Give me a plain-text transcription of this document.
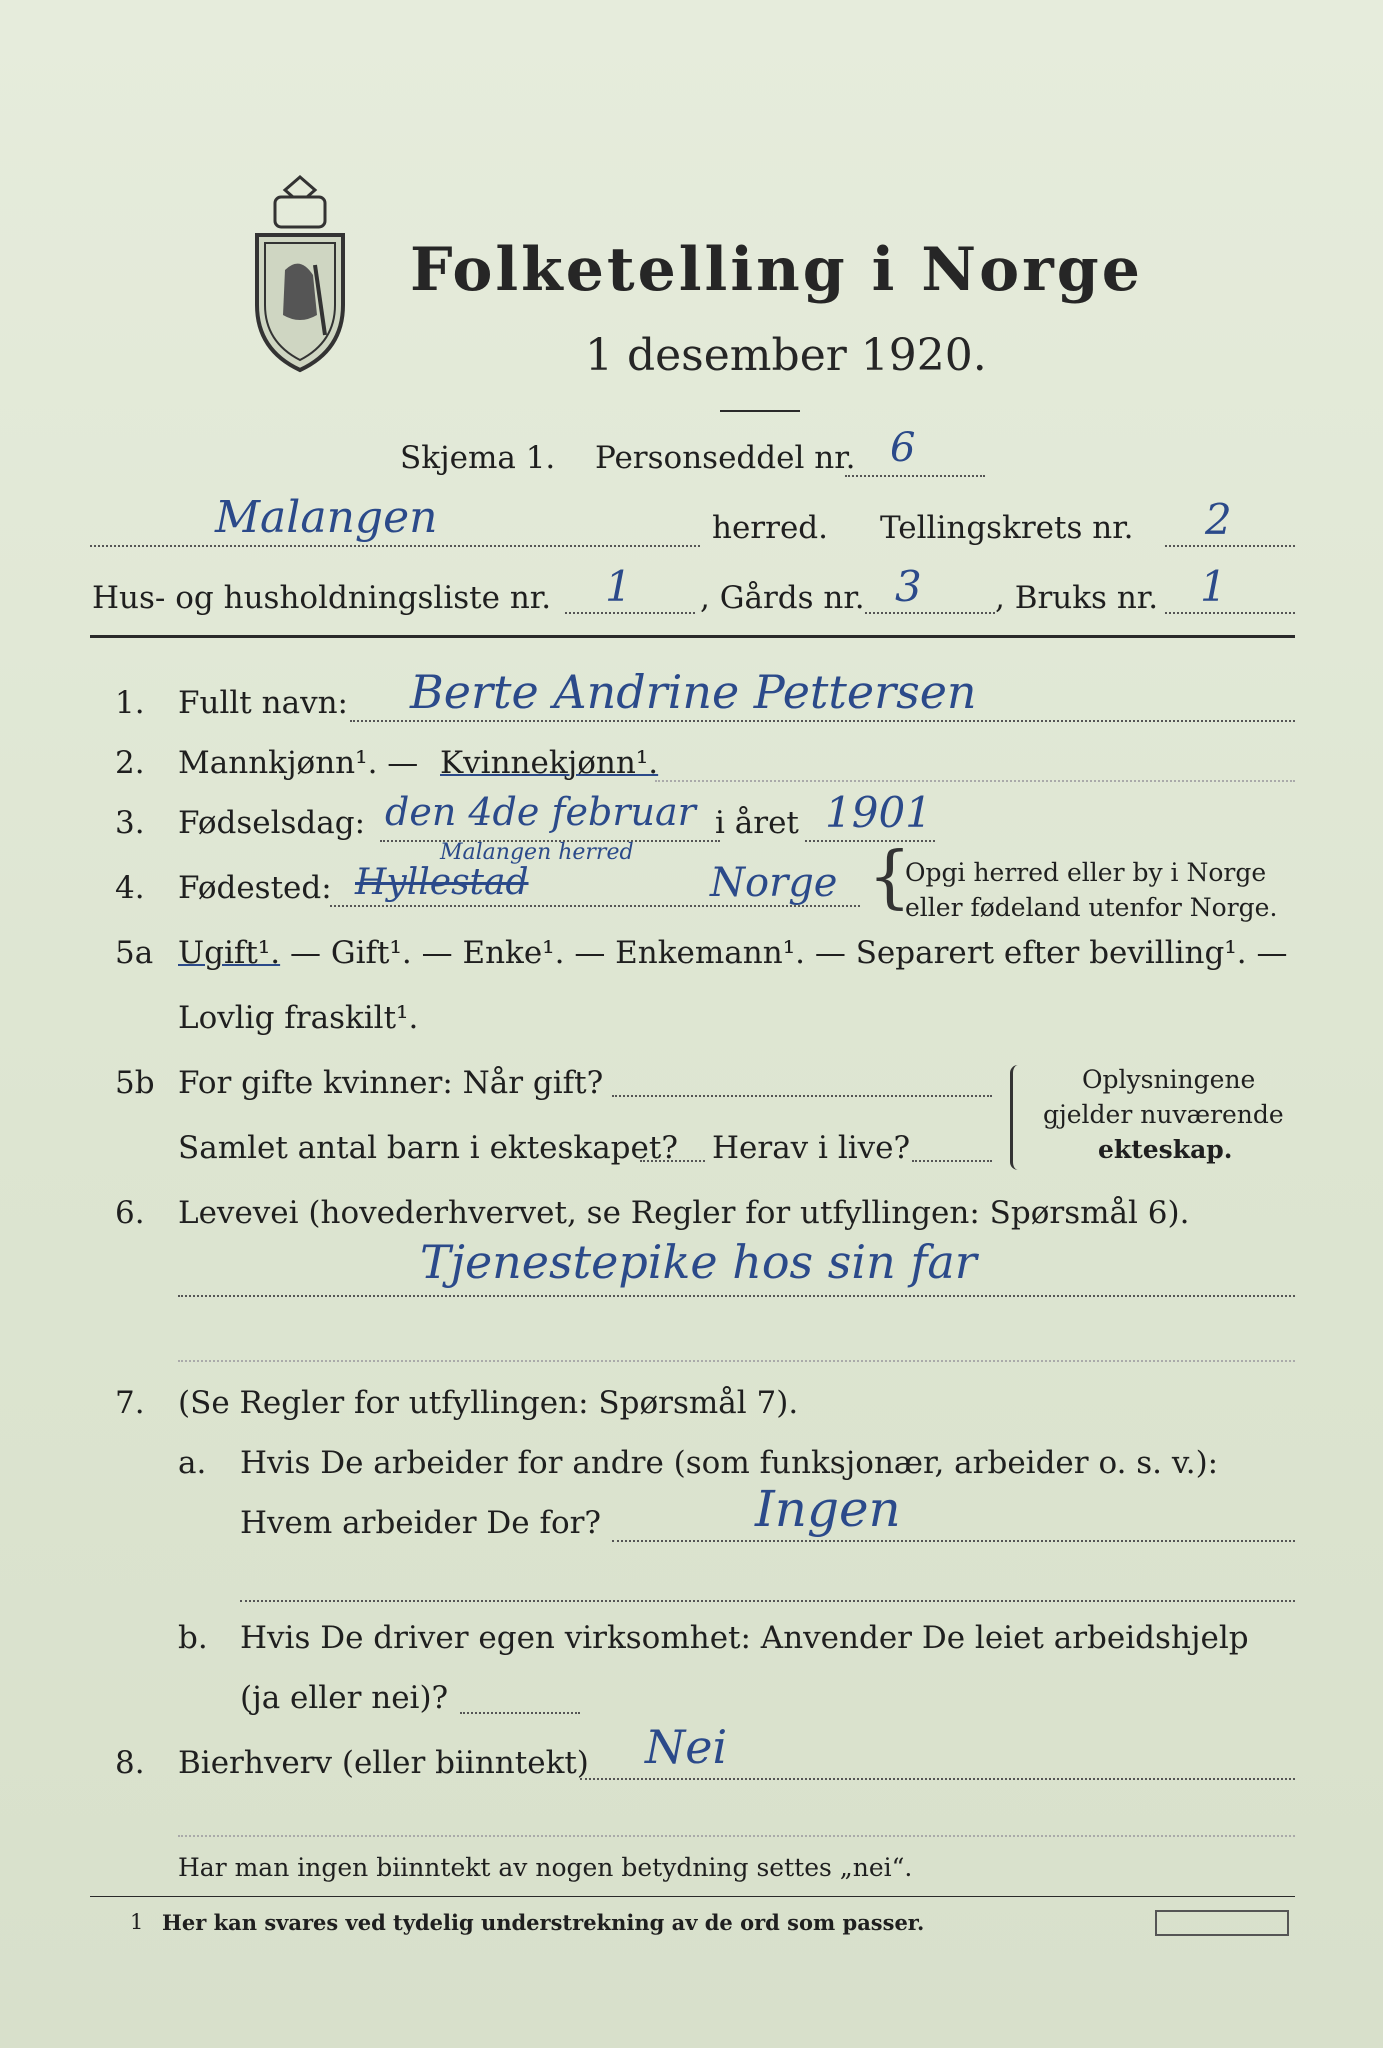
Folketelling i Norge
1 desember 1920.
Skjema 1. Personseddel nr. 6
Malangen	herred. Tellingskrets nr. 2
Hus- og husholdningsliste nr. 1 , Gårds nr. 3 , Bruks nr. 1
1. Fullt navn: Berte Andrine Pettersen
2. Mannkjønn¹. — Kvinnekjønn¹.
3. Fødselsdag: den 4de februar i året 1901
4. Fødested:
Malangen herred
Hyllestad	Norge {
Opgi herred eller by i Norge
eller fødeland utenfor Norge.
5a Ugift¹. — Gift¹. — Enke¹. — Enkemann¹. — Separert efter bevilling¹. —
Lovlig fraskilt¹.
5b For gifte kvinner: Når gift?
Samlet antal barn i ekteskapet? Herav i live?
Oplysningene
gjelder nuværende
ekteskap.
6. Levevei (hovederhvervet, se Regler for utfyllingen: Spørsmål 6).
Tjenestepike hos sin far
7. (Se Regler for utfyllingen: Spørsmål 7).
a. Hvis De arbeider for andre (som funksjonær, arbeider o. s. v.):
Hvem arbeider De for?	Ingen
b. Hvis De driver egen virksomhet: Anvender De leiet arbeidshjelp
(ja eller nei)?
8. Bierhverv (eller biinntekt) Nei
Har man ingen biinntekt av nogen betydning settes „nei“.
1 Her kan svares ved tydelig understrekning av de ord som passer.
